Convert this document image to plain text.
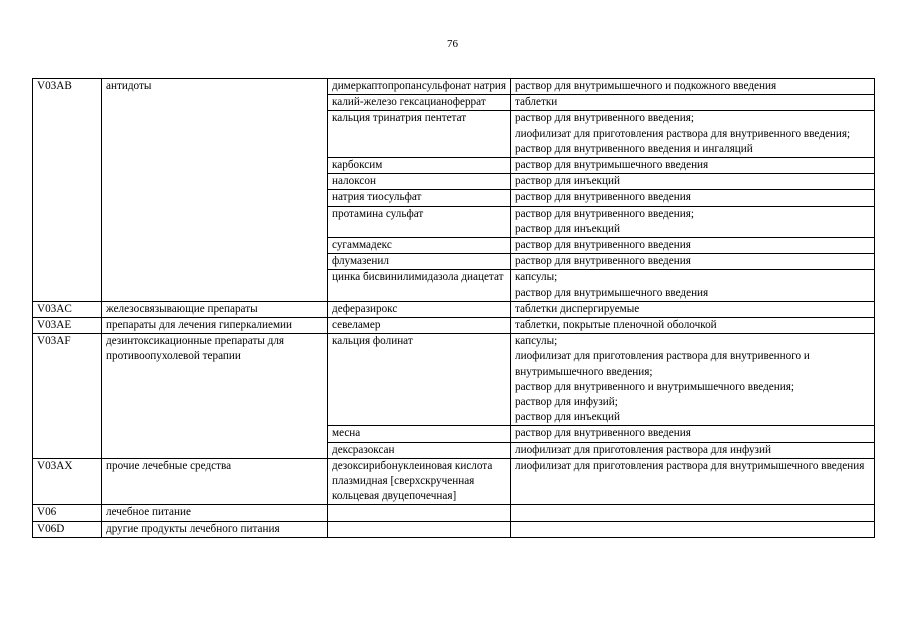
76
V03AB	антидоты	димеркаптопропансульфонат натрия	раствор для внутримышечного и подкожного введения

		калий-железо гексацианоферрат	таблетки

		кальция тринатрия пентетат	раствор для внутривенного введения;
лиофилизат для приготовления раствора для внутривенного введения;
раствор для внутривенного введения и ингаляций

		карбоксим	раствор для внутримышечного введения

		налоксон	раствор для инъекций

		натрия тиосульфат	раствор для внутривенного введения

		протамина сульфат	раствор для внутривенного введения;
раствор для инъекций

		сугаммадекс	раствор для внутривенного введения

		флумазенил	раствор для внутривенного введения

		цинка бисвинилимидазола диацетат	капсулы;
раствор для внутримышечного введения

V03AC	железосвязывающие препараты	деферазирокс	таблетки диспергируемые

V03AE	препараты для лечения гиперкалиемии	севеламер	таблетки, покрытые пленочной оболочкой

V03AF	дезинтоксикационные препараты для противоопухолевой терапии	кальция фолинат	капсулы;
лиофилизат для приготовления раствора для внутривенного и внутримышечного введения;
раствор для внутривенного и внутримышечного введения;
раствор для инфузий;
раствор для инъекций

		месна	раствор для внутривенного введения

		дексразоксан	лиофилизат для приготовления раствора для инфузий

V03AX	прочие лечебные средства	дезоксирибонуклеиновая кислота плазмидная [сверхскрученная кольцевая двуцепочечная]	лиофилизат для приготовления раствора для внутримышечного введения

V06	лечебное питание		
V06D	другие продукты лечебного питания		
